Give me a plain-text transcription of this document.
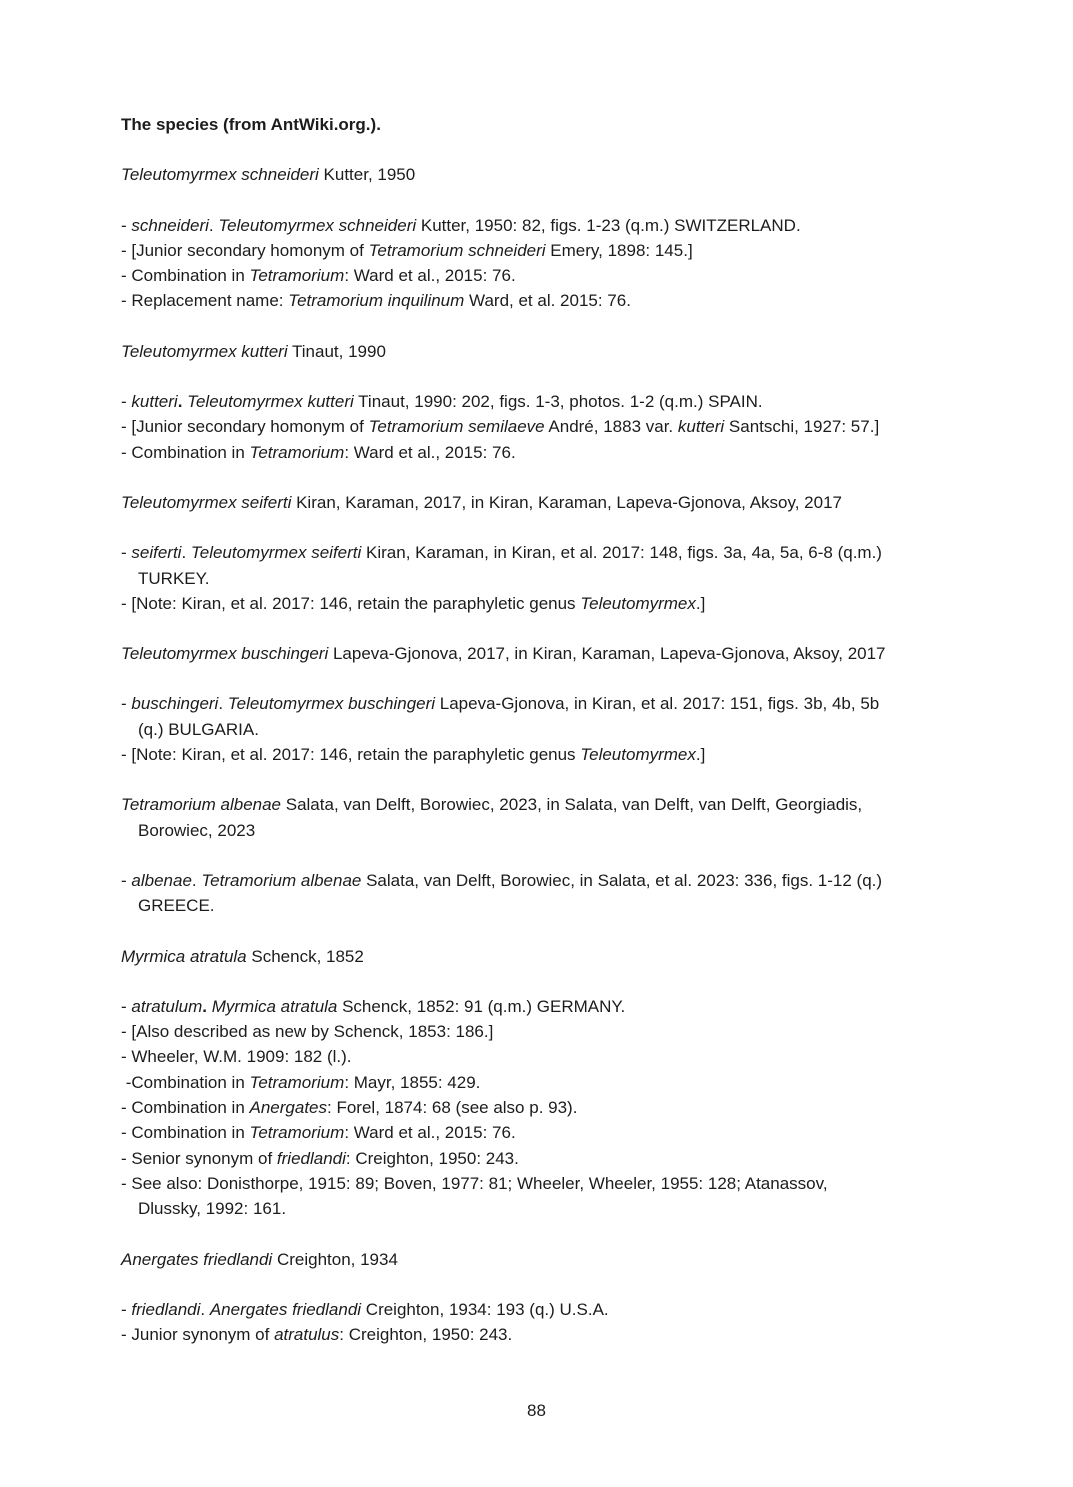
The species (from AntWiki.org.).
Teleutomyrmex schneideri Kutter, 1950
- schneideri. Teleutomyrmex schneideri Kutter, 1950: 82, figs. 1-23 (q.m.) SWITZERLAND.
- [Junior secondary homonym of Tetramorium schneideri Emery, 1898: 145.]
- Combination in Tetramorium: Ward et al., 2015: 76.
- Replacement name: Tetramorium inquilinum Ward, et al. 2015: 76.
Teleutomyrmex kutteri Tinaut, 1990
- kutteri. Teleutomyrmex kutteri Tinaut, 1990: 202, figs. 1-3, photos. 1-2 (q.m.) SPAIN.
- [Junior secondary homonym of Tetramorium semilaeve André, 1883 var. kutteri Santschi, 1927: 57.]
- Combination in Tetramorium: Ward et al., 2015: 76.
Teleutomyrmex seiferti Kiran, Karaman, 2017, in Kiran, Karaman, Lapeva-Gjonova, Aksoy, 2017
- seiferti. Teleutomyrmex seiferti Kiran, Karaman, in Kiran, et al. 2017: 148, figs. 3a, 4a, 5a, 6-8 (q.m.)
TURKEY.
- [Note: Kiran, et al. 2017: 146, retain the paraphyletic genus Teleutomyrmex.]
Teleutomyrmex buschingeri Lapeva-Gjonova, 2017, in Kiran, Karaman, Lapeva-Gjonova, Aksoy, 2017
- buschingeri. Teleutomyrmex buschingeri Lapeva-Gjonova, in Kiran, et al. 2017: 151, figs. 3b, 4b, 5b
(q.) BULGARIA.
- [Note: Kiran, et al. 2017: 146, retain the paraphyletic genus Teleutomyrmex.]
Tetramorium albenae Salata, van Delft, Borowiec, 2023, in Salata, van Delft, van Delft, Georgiadis,
Borowiec, 2023
- albenae. Tetramorium albenae Salata, van Delft, Borowiec, in Salata, et al. 2023: 336, figs. 1-12 (q.)
GREECE.
Myrmica atratula Schenck, 1852
- atratulum. Myrmica atratula Schenck, 1852: 91 (q.m.) GERMANY.
- [Also described as new by Schenck, 1853: 186.]
- Wheeler, W.M. 1909: 182 (l.).
-Combination in Tetramorium: Mayr, 1855: 429.
- Combination in Anergates: Forel, 1874: 68 (see also p. 93).
- Combination in Tetramorium: Ward et al., 2015: 76.
- Senior synonym of friedlandi: Creighton, 1950: 243.
- See also: Donisthorpe, 1915: 89; Boven, 1977: 81; Wheeler, Wheeler, 1955: 128; Atanassov,
Dlussky, 1992: 161.
Anergates friedlandi Creighton, 1934
- friedlandi. Anergates friedlandi Creighton, 1934: 193 (q.) U.S.A.
- Junior synonym of atratulus: Creighton, 1950: 243.
88
